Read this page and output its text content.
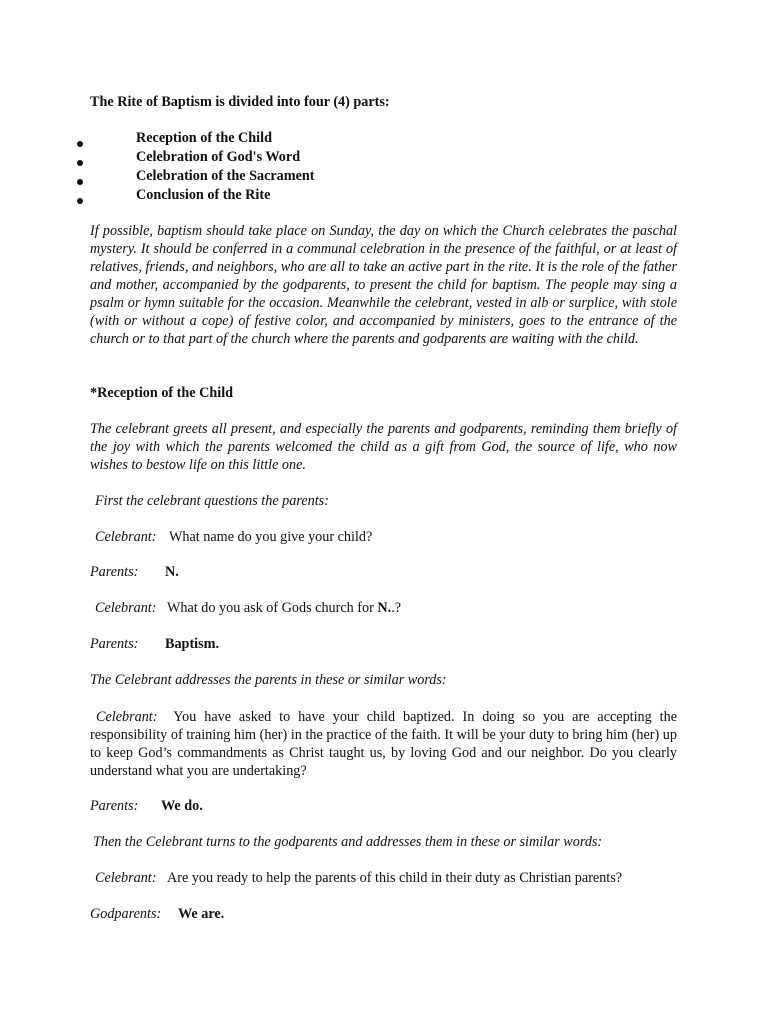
The Rite of Baptism is divided into four (4) parts:
Reception of the Child
Celebration of God's Word
Celebration of the Sacrament
Conclusion of the Rite
If possible, baptism should take place on Sunday, the day on which the Church celebrates the paschal mystery. It should be conferred in a communal celebration in the presence of the faithful, or at least of relatives, friends, and neighbors, who are all to take an active part in the rite. It is the role of the father and mother, accompanied by the godparents, to present the child for baptism. The people may sing a psalm or hymn suitable for the occasion. Meanwhile the celebrant, vested in alb or surplice, with stole (with or without a cope) of festive color, and accompanied by ministers, goes to the entrance of the church or to that part of the church where the parents and godparents are waiting with the child.
*Reception of the Child
The celebrant greets all present, and especially the parents and godparents, reminding them briefly of the joy with which the parents welcomed the child as a gift from God, the source of life, who now wishes to bestow life on this little one.
First the celebrant questions the parents:
Celebrant: What name do you give your child?
Parents: N.
Celebrant: What do you ask of Gods church for N..?
Parents: Baptism.
The Celebrant addresses the parents in these or similar words:
Celebrant: You have asked to have your child baptized. In doing so you are accepting the responsibility of training him (her) in the practice of the faith. It will be your duty to bring him (her) up to keep God’s commandments as Christ taught us, by loving God and our neighbor. Do you clearly understand what you are undertaking?
Parents: We do.
Then the Celebrant turns to the godparents and addresses them in these or similar words:
Celebrant: Are you ready to help the parents of this child in their duty as Christian parents?
Godparents: We are.
